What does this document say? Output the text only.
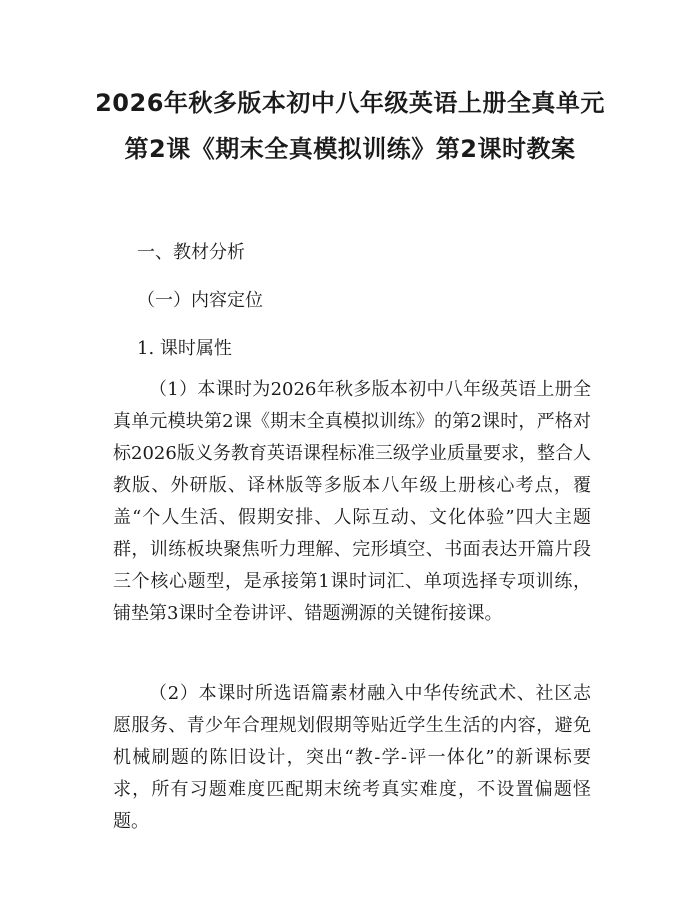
2026年秋多版本初中八年级英语上册全真单元第2课《期末全真模拟训练》第2课时教案
一、教材分析
（一）内容定位
1. 课时属性
（1）本课时为2026年秋多版本初中八年级英语上册全真单元模块第2课《期末全真模拟训练》的第2课时，严格对标2026版义务教育英语课程标准三级学业质量要求，整合人教版、外研版、译林版等多版本八年级上册核心考点，覆盖“个人生活、假期安排、人际互动、文化体验”四大主题群，训练板块聚焦听力理解、完形填空、书面表达开篇片段三个核心题型，是承接第1课时词汇、单项选择专项训练，铺垫第3课时全卷讲评、错题溯源的关键衔接课。
（2）本课时所选语篇素材融入中华传统武术、社区志愿服务、青少年合理规划假期等贴近学生生活的内容，避免机械刷题的陈旧设计，突出“教-学-评一体化”的新课标要求，所有习题难度匹配期末统考真实难度，不设置偏题怪题。
